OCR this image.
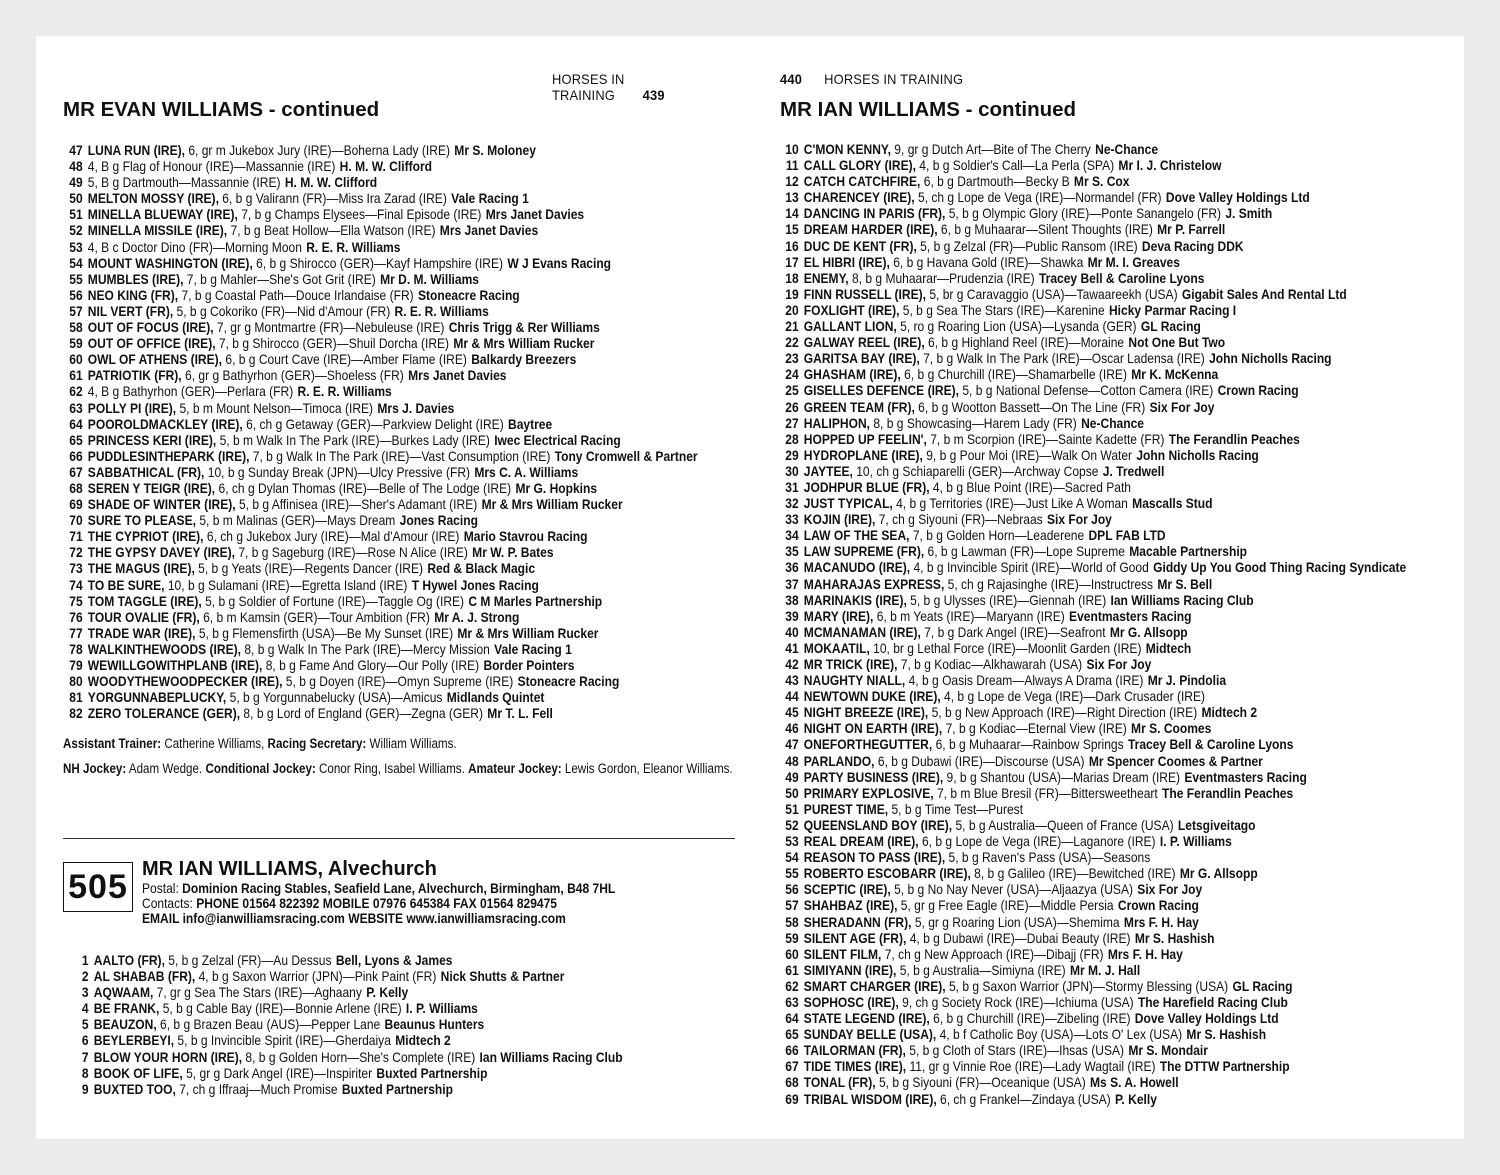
HORSES IN TRAINING 439
MR EVAN WILLIAMS - continued
47 LUNA RUN (IRE), 6, gr m Jukebox Jury (IRE)—Boherna Lady (IRE) Mr S. Moloney
48 4, B g Flag of Honour (IRE)—Massannie (IRE) H. M. W. Clifford
49 5, B g Dartmouth—Massannie (IRE) H. M. W. Clifford
50 MELTON MOSSY (IRE), 6, b g Valirann (FR)—Miss Ira Zarad (IRE) Vale Racing 1
51 MINELLA BLUEWAY (IRE), 7, b g Champs Elysees—Final Episode (IRE) Mrs Janet Davies
52 MINELLA MISSILE (IRE), 7, b g Beat Hollow—Ella Watson (IRE) Mrs Janet Davies
53 4, B c Doctor Dino (FR)—Morning Moon R. E. R. Williams
54 MOUNT WASHINGTON (IRE), 6, b g Shirocco (GER)—Kayf Hampshire (IRE) W J Evans Racing
55 MUMBLES (IRE), 7, b g Mahler—She's Got Grit (IRE) Mr D. M. Williams
56 NEO KING (FR), 7, b g Coastal Path—Douce Irlandaise (FR) Stoneacre Racing
57 NIL VERT (FR), 5, b g Cokoriko (FR)—Nid d'Amour (FR) R. E. R. Williams
58 OUT OF FOCUS (IRE), 7, gr g Montmartre (FR)—Nebuleuse (IRE) Chris Trigg & Rer Williams
59 OUT OF OFFICE (IRE), 7, b g Shirocco (GER)—Shuil Dorcha (IRE) Mr & Mrs William Rucker
60 OWL OF ATHENS (IRE), 6, b g Court Cave (IRE)—Amber Flame (IRE) Balkardy Breezers
61 PATRIOTIK (FR), 6, gr g Bathyrhon (GER)—Shoeless (FR) Mrs Janet Davies
62 4, B g Bathyrhon (GER)—Perlara (FR) R. E. R. Williams
63 POLLY PI (IRE), 5, b m Mount Nelson—Timoca (IRE) Mrs J. Davies
64 POOROLDMACKLEY (IRE), 6, ch g Getaway (GER)—Parkview Delight (IRE) Baytree
65 PRINCESS KERI (IRE), 5, b m Walk In The Park (IRE)—Burkes Lady (IRE) Iwec Electrical Racing
66 PUDDLESINTHEPARK (IRE), 7, b g Walk In The Park (IRE)—Vast Consumption (IRE) Tony Cromwell & Partner
67 SABBATHICAL (FR), 10, b g Sunday Break (JPN)—Ulcy Pressive (FR) Mrs C. A. Williams
68 SEREN Y TEIGR (IRE), 6, ch g Dylan Thomas (IRE)—Belle of The Lodge (IRE) Mr G. Hopkins
69 SHADE OF WINTER (IRE), 5, b g Affinisea (IRE)—Sher's Adamant (IRE) Mr & Mrs William Rucker
70 SURE TO PLEASE, 5, b m Malinas (GER)—Mays Dream Jones Racing
71 THE CYPRIOT (IRE), 6, ch g Jukebox Jury (IRE)—Mal d'Amour (IRE) Mario Stavrou Racing
72 THE GYPSY DAVEY (IRE), 7, b g Sageburg (IRE)—Rose N Alice (IRE) Mr W. P. Bates
73 THE MAGUS (IRE), 5, b g Yeats (IRE)—Regents Dancer (IRE) Red & Black Magic
74 TO BE SURE, 10, b g Sulamani (IRE)—Egretta Island (IRE) T Hywel Jones Racing
75 TOM TAGGLE (IRE), 5, b g Soldier of Fortune (IRE)—Taggle Og (IRE) C M Marles Partnership
76 TOUR OVALIE (FR), 6, b m Kamsin (GER)—Tour Ambition (FR) Mr A. J. Strong
77 TRADE WAR (IRE), 5, b g Flemensfirth (USA)—Be My Sunset (IRE) Mr & Mrs William Rucker
78 WALKINTHEWOODS (IRE), 8, b g Walk In The Park (IRE)—Mercy Mission Vale Racing 1
79 WEWILLGOWITHPLANB (IRE), 8, b g Fame And Glory—Our Polly (IRE) Border Pointers
80 WOODYTHEWOODPECKER (IRE), 5, b g Doyen (IRE)—Omyn Supreme (IRE) Stoneacre Racing
81 YORGUNNABEPLUCKY, 5, b g Yorgunnabelucky (USA)—Amicus Midlands Quintet
82 ZERO TOLERANCE (GER), 8, b g Lord of England (GER)—Zegna (GER) Mr T. L. Fell
Assistant Trainer: Catherine Williams, Racing Secretary: William Williams.
NH Jockey: Adam Wedge. Conditional Jockey: Conor Ring, Isabel Williams. Amateur Jockey: Lewis Gordon, Eleanor Williams.
505 MR IAN WILLIAMS, Alvechurch
Postal: Dominion Racing Stables, Seafield Lane, Alvechurch, Birmingham, B48 7HL
Contacts: PHONE 01564 822392 MOBILE 07976 645384 FAX 01564 829475
EMAIL info@ianwilliamsracing.com WEBSITE www.ianwilliamsracing.com
1 AALTO (FR), 5, b g Zelzal (FR)—Au Dessus Bell, Lyons & James
2 AL SHABAB (FR), 4, b g Saxon Warrior (JPN)—Pink Paint (FR) Nick Shutts & Partner
3 AQWAAM, 7, gr g Sea The Stars (IRE)—Aghaany P. Kelly
4 BE FRANK, 5, b g Cable Bay (IRE)—Bonnie Arlene (IRE) I. P. Williams
5 BEAUZON, 6, b g Brazen Beau (AUS)—Pepper Lane Beaunus Hunters
6 BEYLERBEYI, 5, b g Invincible Spirit (IRE)—Gherdaiya Midtech 2
7 BLOW YOUR HORN (IRE), 8, b g Golden Horn—She's Complete (IRE) Ian Williams Racing Club
8 BOOK OF LIFE, 5, gr g Dark Angel (IRE)—Inspiriter Buxted Partnership
9 BUXTED TOO, 7, ch g Iffraaj—Much Promise Buxted Partnership
440 HORSES IN TRAINING
MR IAN WILLIAMS - continued
10 C'MON KENNY, 9, gr g Dutch Art—Bite of The Cherry Ne-Chance
11 CALL GLORY (IRE), 4, b g Soldier's Call—La Perla (SPA) Mr I. J. Christelow
12 CATCH CATCHFIRE, 6, b g Dartmouth—Becky B Mr S. Cox
13 CHARENCEY (IRE), 5, ch g Lope de Vega (IRE)—Normandel (FR) Dove Valley Holdings Ltd
14 DANCING IN PARIS (FR), 5, b g Olympic Glory (IRE)—Ponte Sanangelo (FR) J. Smith
15 DREAM HARDER (IRE), 6, b g Muhaarar—Silent Thoughts (IRE) Mr P. Farrell
16 DUC DE KENT (FR), 5, b g Zelzal (FR)—Public Ransom (IRE) Deva Racing DDK
17 EL HIBRI (IRE), 6, b g Havana Gold (IRE)—Shawka Mr M. I. Greaves
18 ENEMY, 8, b g Muhaarar—Prudenzia (IRE) Tracey Bell & Caroline Lyons
19 FINN RUSSELL (IRE), 5, br g Caravaggio (USA)—Tawaareekh (USA) Gigabit Sales And Rental Ltd
20 FOXLIGHT (IRE), 5, b g Sea The Stars (IRE)—Karenine Hicky Parmar Racing I
21 GALLANT LION, 5, ro g Roaring Lion (USA)—Lysanda (GER) GL Racing
22 GALWAY REEL (IRE), 6, b g Highland Reel (IRE)—Moraine Not One But Two
23 GARITSA BAY (IRE), 7, b g Walk In The Park (IRE)—Oscar Ladensa (IRE) John Nicholls Racing
24 GHASHAM (IRE), 6, b g Churchill (IRE)—Shamarbelle (IRE) Mr K. McKenna
25 GISELLES DEFENCE (IRE), 5, b g National Defense—Cotton Camera (IRE) Crown Racing
26 GREEN TEAM (FR), 6, b g Wootton Bassett—On The Line (FR) Six For Joy
27 HALIPHON, 8, b g Showcasing—Harem Lady (FR) Ne-Chance
28 HOPPED UP FEELIN', 7, b m Scorpion (IRE)—Sainte Kadette (FR) The Ferandlin Peaches
29 HYDROPLANE (IRE), 9, b g Pour Moi (IRE)—Walk On Water John Nicholls Racing
30 JAYTEE, 10, ch g Schiaparelli (GER)—Archway Copse J. Tredwell
31 JODHPUR BLUE (FR), 4, b g Blue Point (IRE)—Sacred Path
32 JUST TYPICAL, 4, b g Territories (IRE)—Just Like A Woman Mascalls Stud
33 KOJIN (IRE), 7, ch g Siyouni (FR)—Nebraas Six For Joy
34 LAW OF THE SEA, 7, b g Golden Horn—Leaderene DPL FAB LTD
35 LAW SUPREME (FR), 6, b g Lawman (FR)—Lope Supreme Macable Partnership
36 MACANUDO (IRE), 4, b g Invincible Spirit (IRE)—World of Good Giddy Up You Good Thing Racing Syndicate
37 MAHARAJAS EXPRESS, 5, ch g Rajasinghe (IRE)—Instructress Mr S. Bell
38 MARINAKIS (IRE), 5, b g Ulysses (IRE)—Giennah (IRE) Ian Williams Racing Club
39 MARY (IRE), 6, b m Yeats (IRE)—Maryann (IRE) Eventmasters Racing
40 MCMANAMAN (IRE), 7, b g Dark Angel (IRE)—Seafront Mr G. Allsopp
41 MOKAATIL, 10, br g Lethal Force (IRE)—Moonlit Garden (IRE) Midtech
42 MR TRICK (IRE), 7, b g Kodiac—Alkhawarah (USA) Six For Joy
43 NAUGHTY NIALL, 4, b g Oasis Dream—Always A Drama (IRE) Mr J. Pindolia
44 NEWTOWN DUKE (IRE), 4, b g Lope de Vega (IRE)—Dark Crusader (IRE)
45 NIGHT BREEZE (IRE), 5, b g New Approach (IRE)—Right Direction (IRE) Midtech 2
46 NIGHT ON EARTH (IRE), 7, b g Kodiac—Eternal View (IRE) Mr S. Coomes
47 ONEFORTHEGUTTER, 6, b g Muhaarar—Rainbow Springs Tracey Bell & Caroline Lyons
48 PARLANDO, 6, b g Dubawi (IRE)—Discourse (USA) Mr Spencer Coomes & Partner
49 PARTY BUSINESS (IRE), 9, b g Shantou (USA)—Marias Dream (IRE) Eventmasters Racing
50 PRIMARY EXPLOSIVE, 7, b m Blue Bresil (FR)—Bittersweetheart The Ferandlin Peaches
51 PUREST TIME, 5, b g Time Test—Purest
52 QUEENSLAND BOY (IRE), 5, b g Australia—Queen of France (USA) Letsgiveitago
53 REAL DREAM (IRE), 6, b g Lope de Vega (IRE)—Laganore (IRE) I. P. Williams
54 REASON TO PASS (IRE), 5, b g Raven's Pass (USA)—Seasons
55 ROBERTO ESCOBARR (IRE), 8, b g Galileo (IRE)—Bewitched (IRE) Mr G. Allsopp
56 SCEPTIC (IRE), 5, b g No Nay Never (USA)—Aljaazya (USA) Six For Joy
57 SHAHBAZ (IRE), 5, gr g Free Eagle (IRE)—Middle Persia Crown Racing
58 SHERADANN (FR), 5, gr g Roaring Lion (USA)—Shemima Mrs F. H. Hay
59 SILENT AGE (FR), 4, b g Dubawi (IRE)—Dubai Beauty (IRE) Mr S. Hashish
60 SILENT FILM, 7, ch g New Approach (IRE)—Dibajj (FR) Mrs F. H. Hay
61 SIMIYANN (IRE), 5, b g Australia—Simiyna (IRE) Mr M. J. Hall
62 SMART CHARGER (IRE), 5, b g Saxon Warrior (JPN)—Stormy Blessing (USA) GL Racing
63 SOPHOSC (IRE), 9, ch g Society Rock (IRE)—Ichiuma (USA) The Harefield Racing Club
64 STATE LEGEND (IRE), 6, b g Churchill (IRE)—Zibeling (IRE) Dove Valley Holdings Ltd
65 SUNDAY BELLE (USA), 4, b f Catholic Boy (USA)—Lots O' Lex (USA) Mr S. Hashish
66 TAILORMAN (FR), 5, b g Cloth of Stars (IRE)—Ihsas (USA) Mr S. Mondair
67 TIDE TIMES (IRE), 11, gr g Vinnie Roe (IRE)—Lady Wagtail (IRE) The DTTW Partnership
68 TONAL (FR), 5, b g Siyouni (FR)—Oceanique (USA) Ms S. A. Howell
69 TRIBAL WISDOM (IRE), 6, ch g Frankel—Zindaya (USA) P. Kelly
